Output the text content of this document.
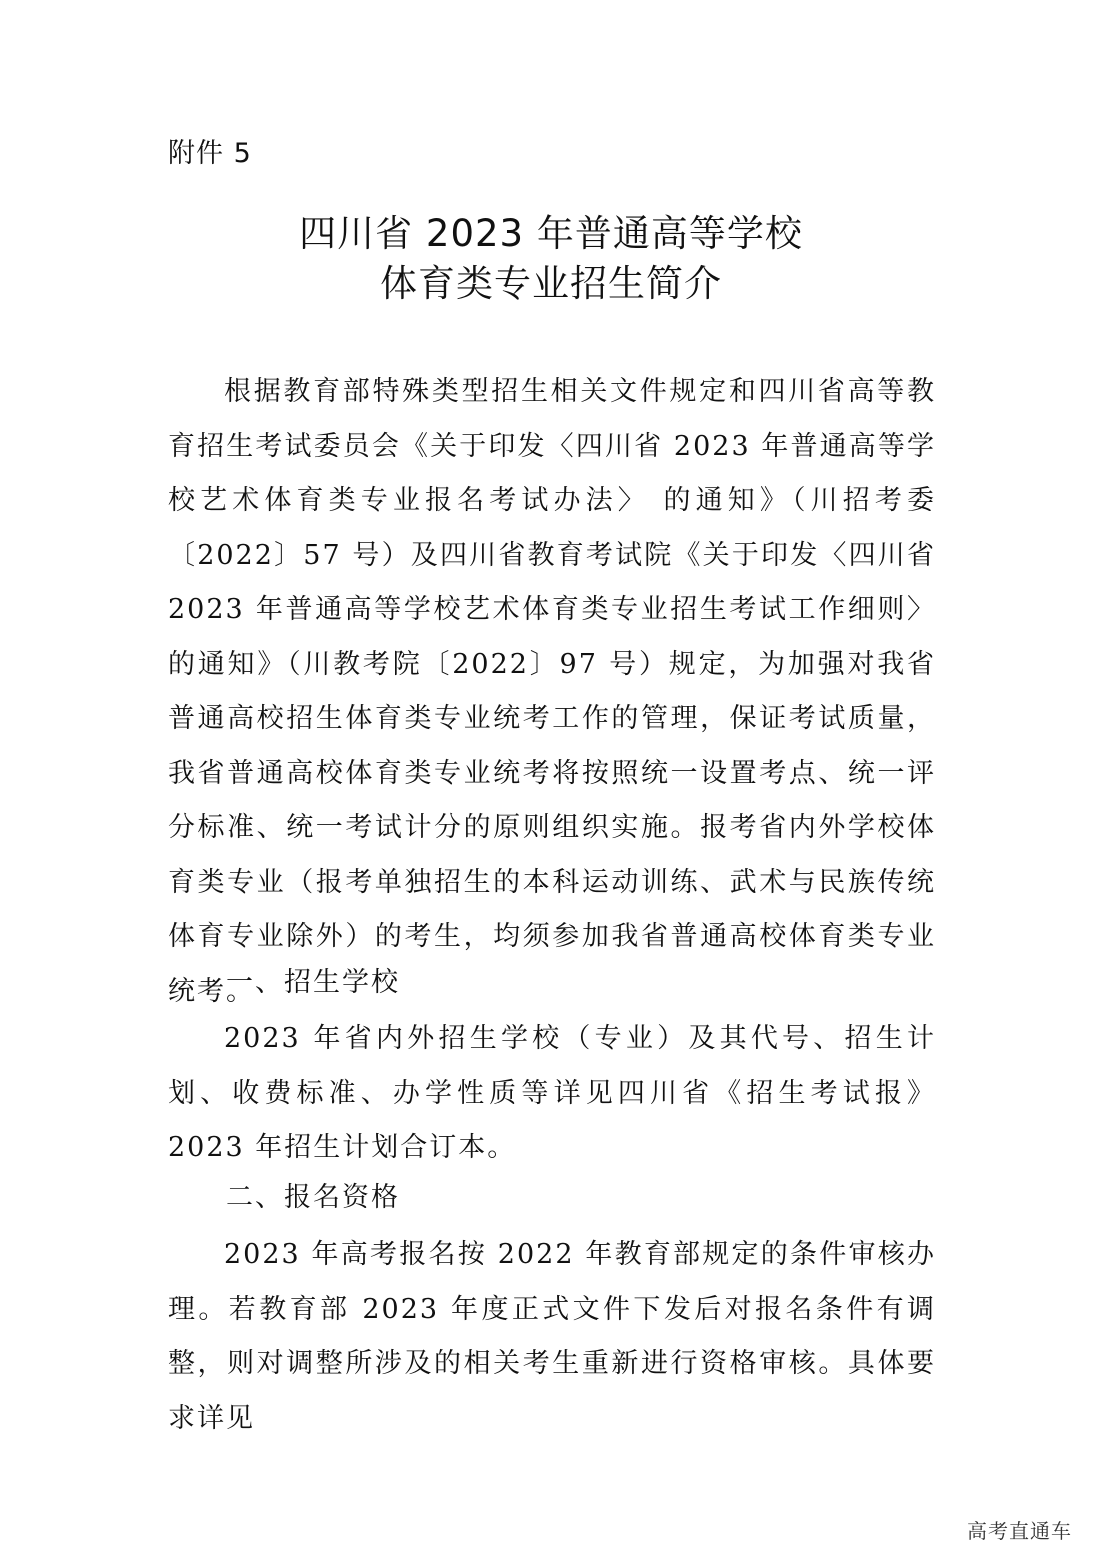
附件 5
四川省 2023 年普通高等学校
体育类专业招生简介
根据教育部特殊类型招生相关文件规定和四川省高等教育招生考试委员会《关于印发〈四川省 2023 年普通高等学校艺术体育类专业报名考试办法〉 的通知》（川招考委〔2022〕57 号）及四川省教育考试院《关于印发〈四川省 2023 年普通高等学校艺术体育类专业招生考试工作细则〉的通知》（川教考院〔2022〕97 号）规定，为加强对我省普通高校招生体育类专业统考工作的管理，保证考试质量，我省普通高校体育类专业统考将按照统一设置考点、统一评分标准、统一考试计分的原则组织实施。报考省内外学校体育类专业（报考单独招生的本科运动训练、武术与民族传统体育专业除外）的考生，均须参加我省普通高校体育类专业统考。
一、招生学校
2023 年省内外招生学校（专业）及其代号、招生计划、收费标准、办学性质等详见四川省《招生考试报》2023 年招生计划合订本。
二、报名资格
2023 年高考报名按 2022 年教育部规定的条件审核办理。若教育部 2023 年度正式文件下发后对报名条件有调整，则对调整所涉及的相关考生重新进行资格审核。具体要求详见
高考直通车
